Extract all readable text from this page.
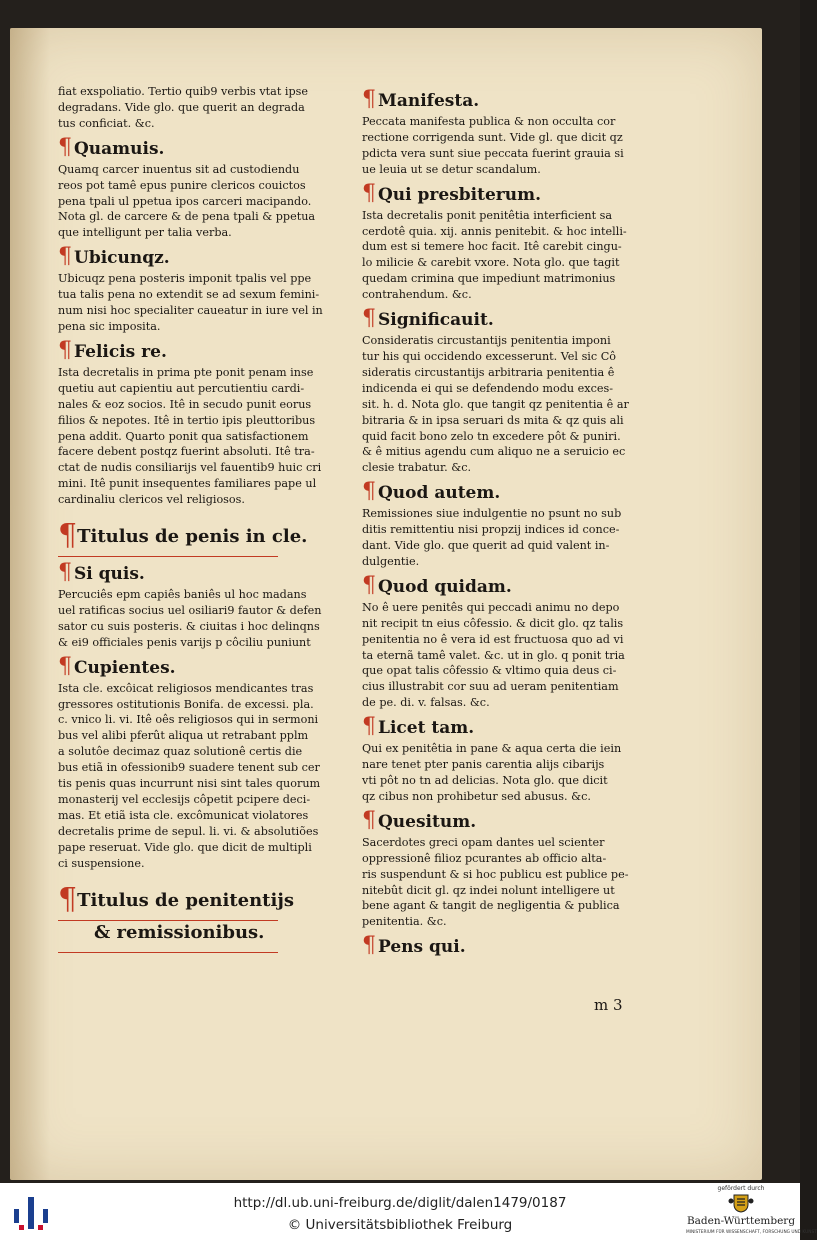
fiat exspoliatio. Tertio quib9 verbis vtat ipse
degradans. Vide glo. que querit an degrada
tus conficiat. &c.
¶ Quamuis.
Quamq carcer inuentus sit ad custodiendu
reos pot tamê epus punire clericos couictos
pena tpali ul ppetua ipos carceri macipando.
Nota gl. de carcere & de pena tpali & ppetua
que intelligunt per talia verba.
¶ Ubicunqz.
Ubicuqz pena posteris imponit tpalis vel ppe
tua talis pena no extendit se ad sexum femini-
num nisi hoc specialiter caueatur in iure vel in
pena sic imposita.
¶ Felicis re.
Ista decretalis in prima pte ponit penam inse
quetiu aut capientiu aut percutientiu cardi-
nales & eoz socios. Itê in secudo punit eorus
filios & nepotes. Itê in tertio ipis pleuttoribus
pena addit. Quarto ponit qua satisfactionem
facere debent postqz fuerint absoluti. Itê tra-
ctat de nudis consiliarijs vel fauentib9 huic cri
mini. Itê punit insequentes familiares pape ul
cardinaliu clericos vel religiosos.
¶Titulus de penis in cle.
¶ Si quis.
Percuciês epm capiês baniês ul hoc madans
uel ratificas socius uel osiliari9 fautor & defen
sator cu suis posteris. & ciuitas i hoc delinqns
& ei9 officiales penis varijs p côciliu puniunt
¶ Cupientes.
Ista cle. excôicat religiosos mendicantes tras
gressores ostitutionis Bonifa. de excessi. pla.
c. vnico li. vi. Itê oês religiosos qui in sermoni
bus vel alibi pferût aliqua ut retrabant pplm
a solutôe decimaz quaz solutionê certis die
bus etiã in ofessionib9 suadere tenent sub cer
tis penis quas incurrunt nisi sint tales quorum
monasterij vel ecclesijs côpetit pcipere deci-
mas. Et etiã ista cle. excômunicat violatores
decretalis prime de sepul. li. vi. & absolutiões
pape reseruat. Vide glo. que dicit de multipli
ci suspensione.
¶Titulus de penitentijs
& remissionibus.
¶ Manifesta.
Peccata manifesta publica & non occulta cor
rectione corrigenda sunt. Vide gl. que dicit qz
pdicta vera sunt siue peccata fuerint grauia si
ue leuia ut se detur scandalum.
¶ Qui presbiterum.
Ista decretalis ponit penitêtia interficient sa
cerdotê quia. xij. annis penitebit. & hoc intelli-
dum est si temere hoc facit. Itê carebit cingu-
lo milicie & carebit vxore. Nota glo. que tagit
quedam crimina que impediunt matrimonius
contrahendum. &c.
¶ Significauit.
Consideratis circustantijs penitentia imponi
tur his qui occidendo excesserunt. Vel sic Cô
sideratis circustantijs arbitraria penitentia ê
indicenda ei qui se defendendo modu exces-
sit. h. d. Nota glo. que tangit qz penitentia ê ar
bitraria & in ipsa seruari ds mita & qz quis ali
quid facit bono zelo tn excedere pôt & puniri.
& ê mitius agendu cum aliquo ne a seruicio ec
clesie trabatur. &c.
¶ Quod autem.
Remissiones siue indulgentie no psunt no sub
ditis remittentiu nisi propzij indices id conce-
dant. Vide glo. que querit ad quid valent in-
dulgentie.
¶ Quod quidam.
No ê uere penitês qui peccadi animu no depo
nit recipit tn eius côfessio. & dicit glo. qz talis
penitentia no ê vera id est fructuosa quo ad vi
ta eternã tamê valet. &c. ut in glo. q ponit tria
que opat talis côfessio & vltimo quia deus ci-
cius illustrabit cor suu ad ueram penitentiam
de pe. di. v. falsas. &c.
¶ Licet tam.
Qui ex penitêtia in pane & aqua certa die iein
nare tenet pter panis carentia alijs cibarijs
vti pôt no tn ad delicias. Nota glo. que dicit
qz cibus non prohibetur sed abusus. &c.
¶ Quesitum.
Sacerdotes greci opam dantes uel scienter
oppressionê filioz pcurantes ab officio alta-
ris suspendunt & si hoc publicu est publice pe-
nitebût dicit gl. qz indei nolunt intelligere ut
bene agant & tangit de negligentia & publica
penitentia. &c.
¶ Pens qui.
m 3
http://dl.ub.uni-freiburg.de/diglit/dalen1479/0187
© Universitätsbibliothek Freiburg
gefördert durch
Baden-Württemberg
MINISTERIUM FÜR WISSENSCHAFT, FORSCHUNG UND KUNST
